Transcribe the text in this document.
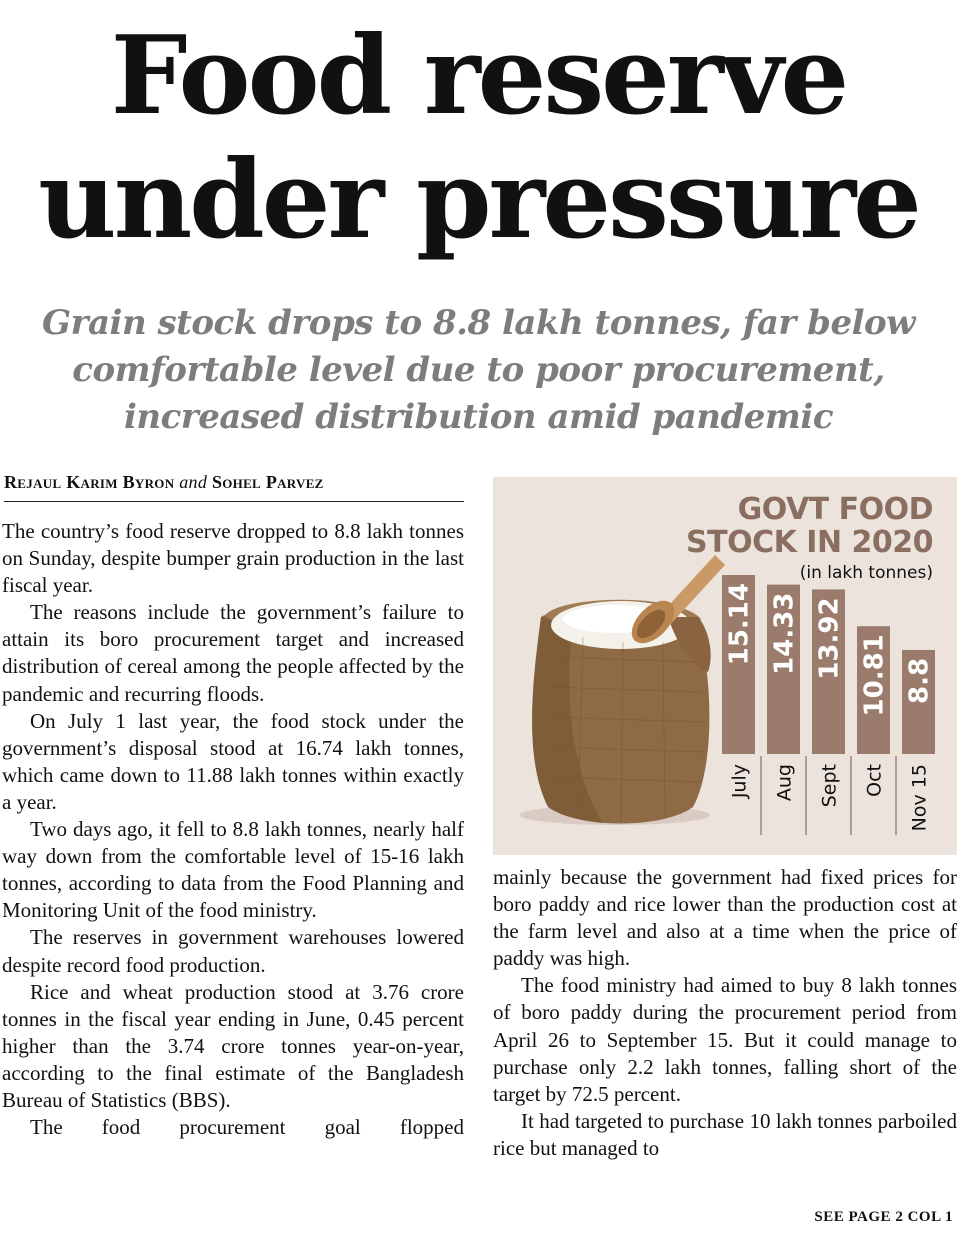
Food reserve
under pressure
Grain stock drops to 8.8 lakh tonnes, far below
comfortable level due to poor procurement,
increased distribution amid pandemic
Rejaul Karim Byron and Sohel Parvez

The country’s food reserve dropped to 8.8 lakh tonnes on Sunday, despite bumper grain production in the last fiscal year.

The reasons include the government’s failure to attain its boro procurement target and increased distribution of cereal among the people affected by the pandemic and recurring floods.

On July 1 last year, the food stock under the government’s disposal stood at 16.74 lakh tonnes, which came down to 11.88 lakh tonnes within exactly a year.

Two days ago, it fell to 8.8 lakh tonnes, nearly half way down from the comfortable level of 15-16 lakh tonnes, according to data from the Food Planning and Monitoring Unit of the food ministry.

The reserves in government warehouses lowered despite record food production.

Rice and wheat production stood at 3.76 crore tonnes in the fiscal year ending in June, 0.45 percent higher than the 3.74 crore tonnes year-on-year, according to the final estimate of the Bangladesh Bureau of Statistics (BBS).

The food procurement goal flopped

15.14 14.33 13.92 10.81 8.8
July Aug Sept Oct Nov 15
GOVT FOOD
STOCK IN 2020
(in lakh tonnes)

mainly because the government had fixed prices for boro paddy and rice lower than the production cost at the farm level and also at a time when the price of paddy was high.

The food ministry had aimed to buy 8 lakh tonnes of boro paddy during the procurement period from April 26 to September 15. But it could manage to purchase only 2.2 lakh tonnes, falling short of the target by 72.5 percent.

It had targeted to purchase 10 lakh tonnes parboiled rice but managed to

SEE PAGE 2 COL 1
